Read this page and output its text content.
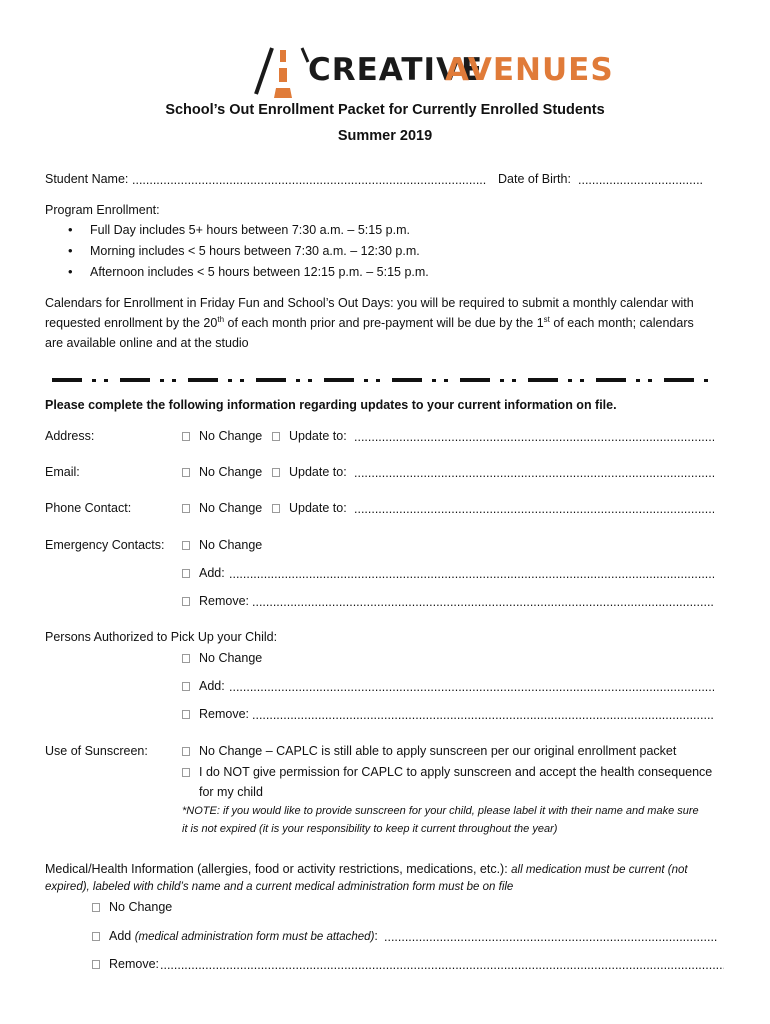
CREATIVE
AVENUES
School’s Out Enrollment Packet for Currently Enrolled Students
Summer 2019
Student Name:
.....	Date of Birth:
.....
Program Enrollment:
• Full Day includes 5+ hours between 7:30 a.m. – 5:15 p.m.
• Morning includes < 5 hours between 7:30 a.m. – 12:30 p.m.
• Afternoon includes < 5 hours between 12:15 p.m. – 5:15 p.m.
Calendars for Enrollment in Friday Fun and School’s Out Days: you will be required to submit a monthly calendar with
requested enrollment by the 20th of each month prior and pre-payment will be due by the 1st of each month; calendars
are available online and at the studio
Please complete the following information regarding updates to your current information on file.
Address:	No Change	Update to:
.....
Email:	No Change	Update to:
.....
Phone Contact:	No Change	Update to:
.....
Emergency Contacts:	No Change
Add:
.....
Remove:
.....
Persons Authorized to Pick Up your Child:
No Change
Add:
.....
Remove:
.....
Use of Sunscreen:	No Change – CAPLC is still able to apply sunscreen per our original enrollment packet
I do NOT give permission for CAPLC to apply sunscreen and accept the health consequence
for my child
*NOTE: if you would like to provide sunscreen for your child, please label it with their name and make sure
it is not expired (it is your responsibility to keep it current throughout the year)
Medical/Health Information (allergies, food or activity restrictions, medications, etc.): all medication must be current (not
expired), labeled with child’s name and a current medical administration form must be on file
No Change
Add (medical administration form must be attached):
.....
Remove:
.....
